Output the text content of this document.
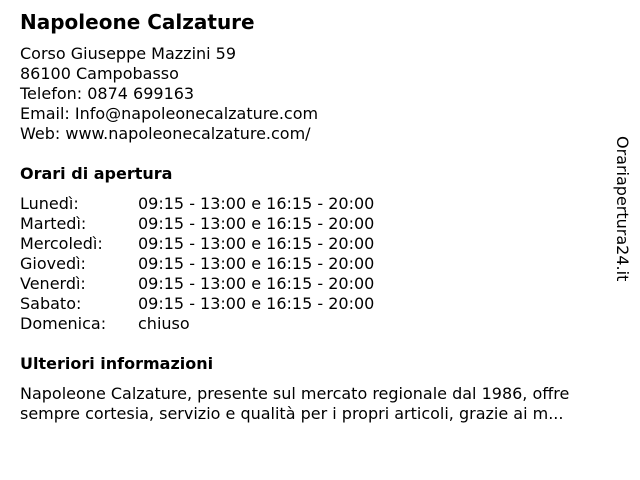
Napoleone Calzature
Corso Giuseppe Mazzini 59
86100 Campobasso
Telefon: 0874 699163
Email: Info@napoleonecalzature.com
Web: www.napoleonecalzature.com/
Orari di apertura
Lunedì:	09:15 - 13:00 e 16:15 - 20:00
Martedì:	09:15 - 13:00 e 16:15 - 20:00
Mercoledì: 09:15 - 13:00 e 16:15 - 20:00
Giovedì:	09:15 - 13:00 e 16:15 - 20:00
Venerdì:	09:15 - 13:00 e 16:15 - 20:00
Sabato:	09:15 - 13:00 e 16:15 - 20:00
Domenica: chiuso
Ulteriori informazioni
Napoleone Calzature, presente sul mercato regionale dal 1986, offre
sempre cortesia, servizio e qualità per i propri articoli, grazie ai m...
Orariapertura24.it
